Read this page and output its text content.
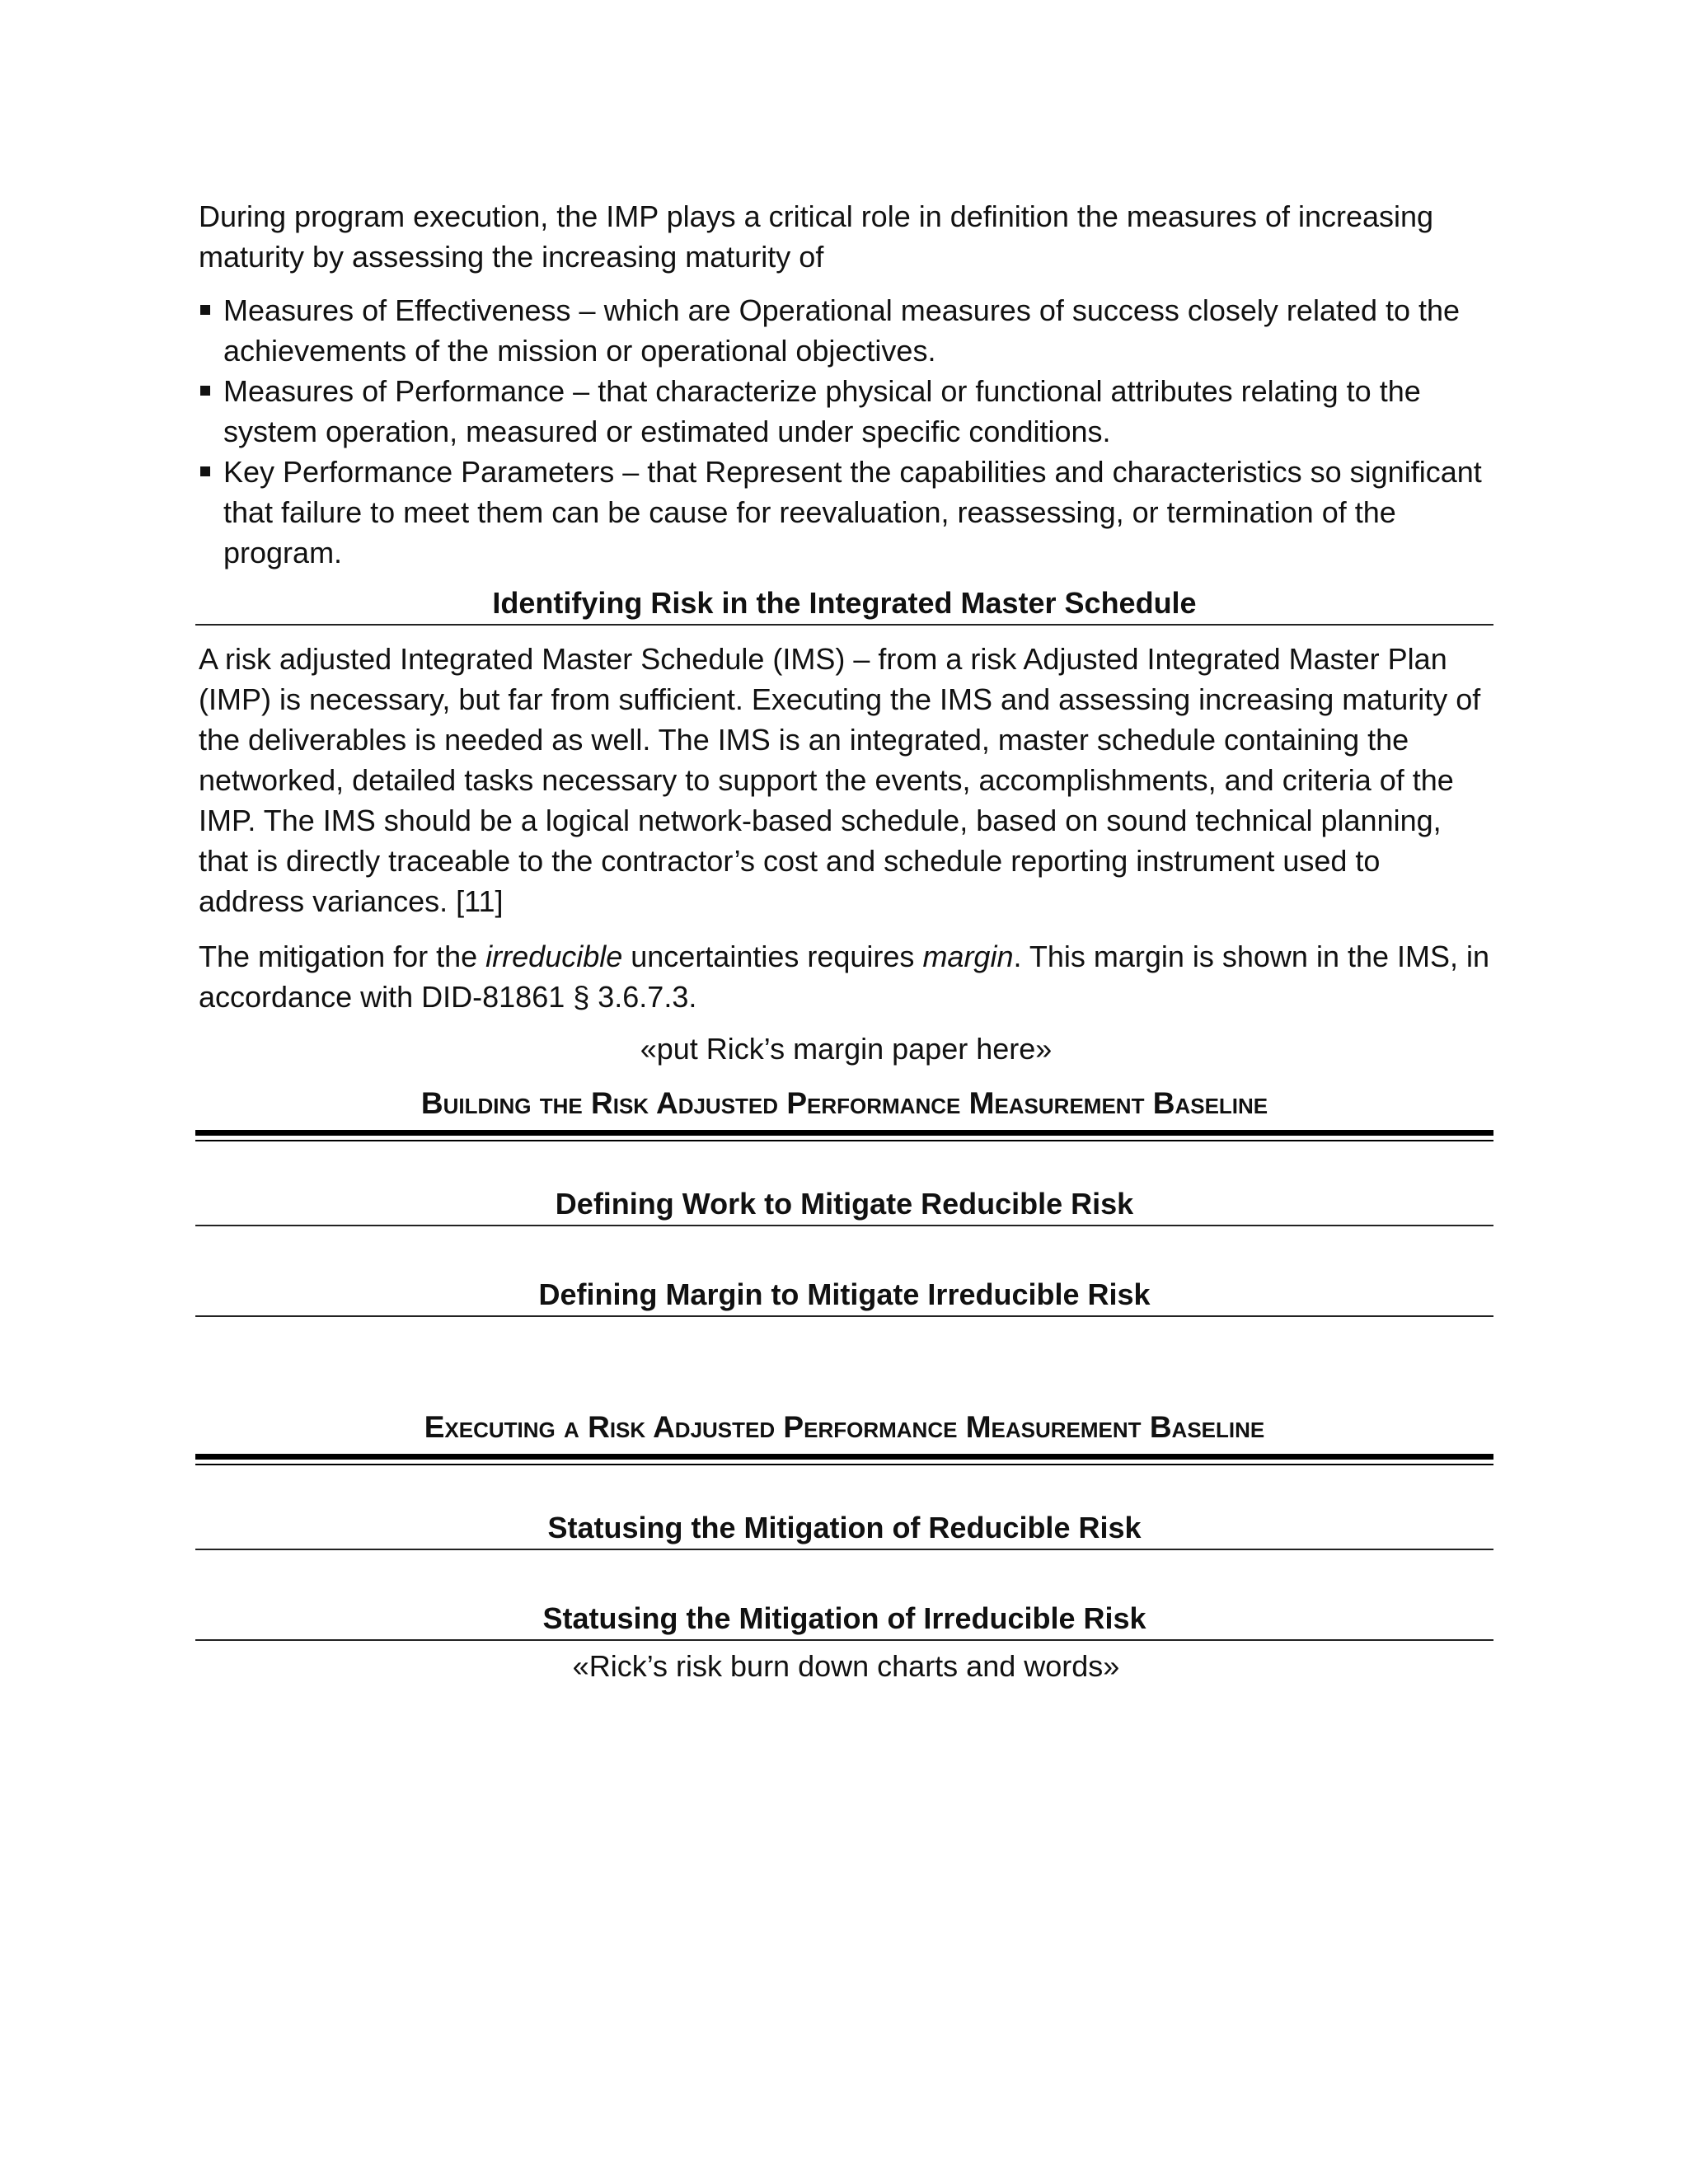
During program execution, the IMP plays a critical role in definition the measures of increasing maturity by assessing the increasing maturity of

Measures of Effectiveness – which are Operational measures of success closely related to the achievements of the mission or operational objectives.
Measures of Performance – that characterize physical or functional attributes relating to the system operation, measured or estimated under specific conditions.
Key Performance Parameters – that Represent the capabilities and characteristics so significant that failure to meet them can be cause for reevaluation, reassessing, or termination of the program.
Identifying Risk in the Integrated Master Schedule

A risk adjusted Integrated Master Schedule (IMS) – from a risk Adjusted Integrated Master Plan (IMP) is necessary, but far from sufficient. Executing the IMS and assessing increasing maturity of the deliverables is needed as well. The IMS is an integrated, master schedule containing the networked, detailed tasks necessary to support the events, accomplishments, and criteria of the IMP. The IMS should be a logical network-based schedule, based on sound technical planning, that is directly traceable to the contractor’s cost and schedule reporting instrument used to address variances. [11]

The mitigation for the irreducible uncertainties requires margin. This margin is shown in the IMS, in accordance with DID-81861 § 3.6.7.3.

«put Rick’s margin paper here»

Building the Risk Adjusted Performance Measurement Baseline
Defining Work to Mitigate Reducible Risk
Defining Margin to Mitigate Irreducible Risk
Executing a Risk Adjusted Performance Measurement Baseline
Statusing the Mitigation of Reducible Risk
Statusing the Mitigation of Irreducible Risk

«Rick’s risk burn down charts and words»
